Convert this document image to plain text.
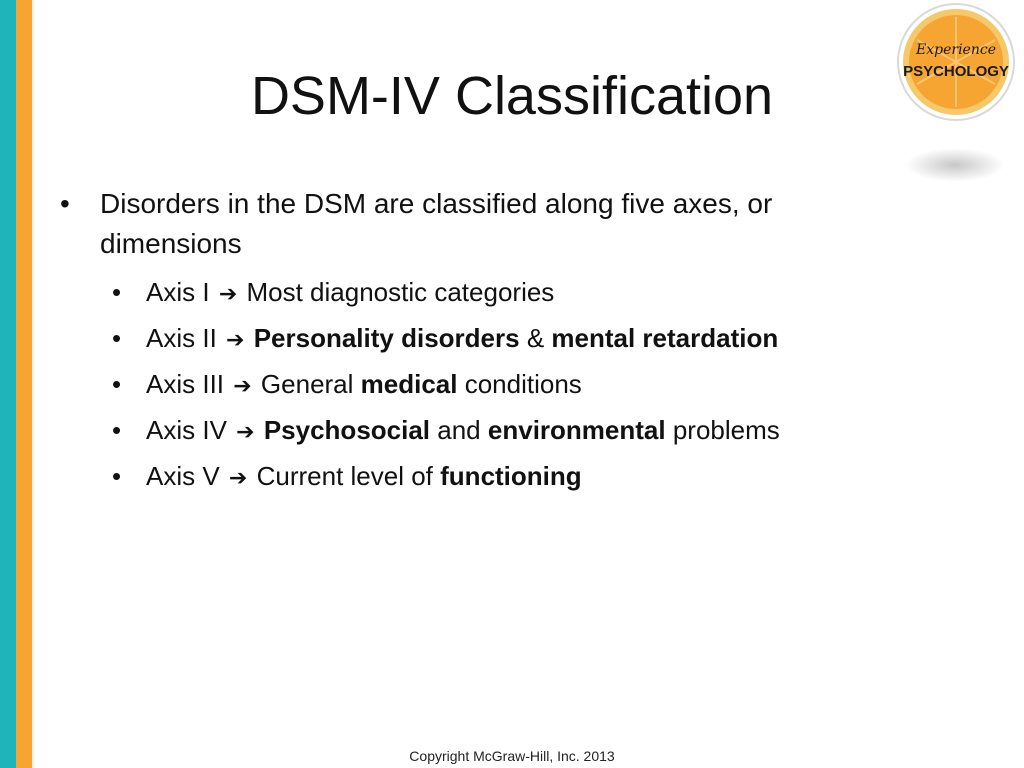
Experience
PSYCHOLOGY
DSM-IV Classification
• Disorders in the DSM are classified along five axes, or dimensions
• Axis I ➔ Most diagnostic categories
• Axis II ➔ Personality disorders & mental retardation
• Axis III ➔ General medical conditions
• Axis IV ➔ Psychosocial and environmental problems
• Axis V ➔ Current level of functioning
Copyright McGraw-Hill, Inc. 2013
